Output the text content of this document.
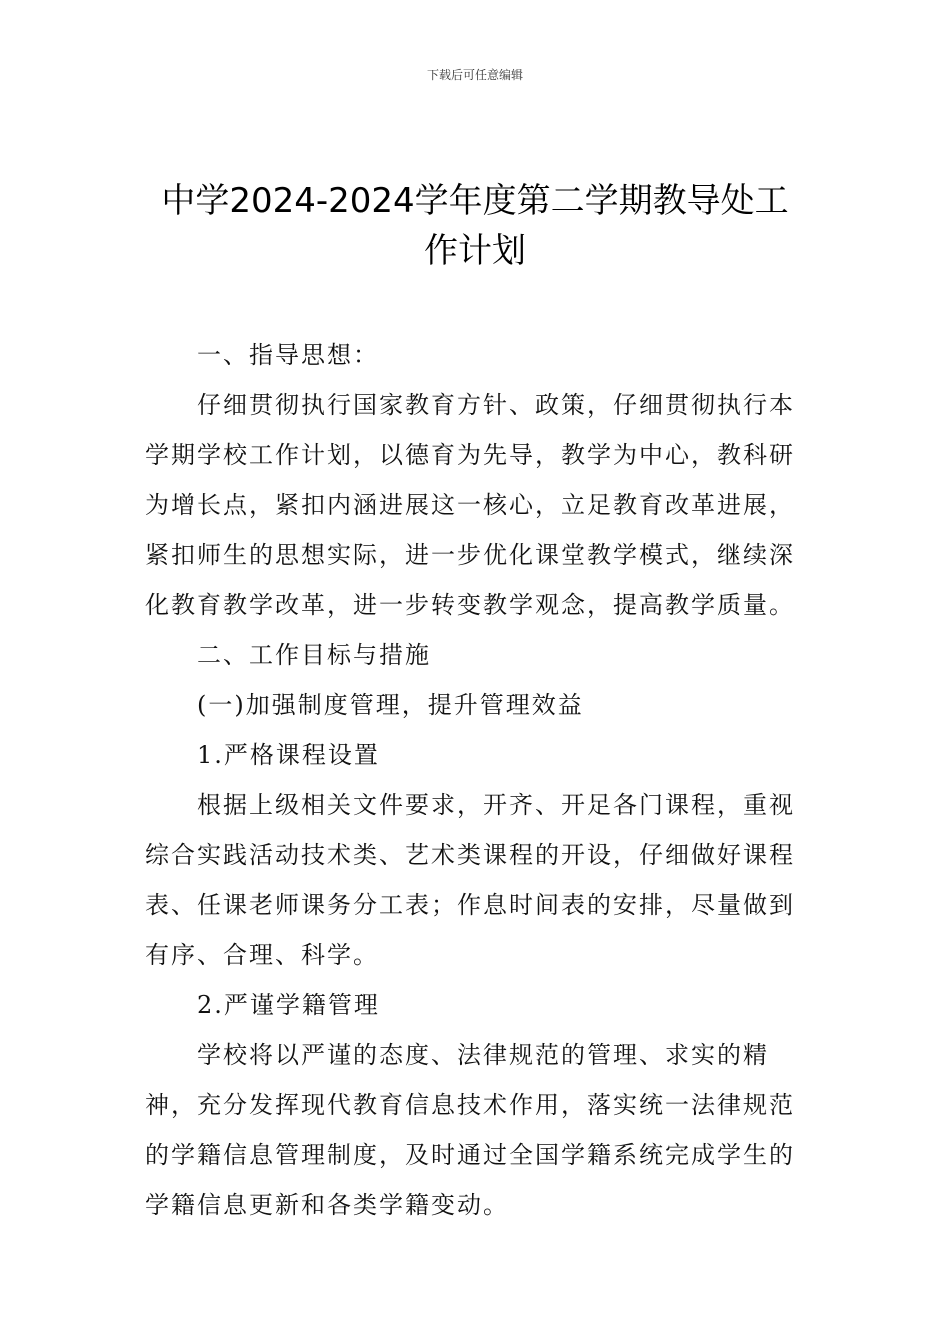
下载后可任意编辑
中学2024-2024学年度第二学期教导处工
作计划

一、指导思想：

仔细贯彻执行国家教育方针、政策，仔细贯彻执行本学期学校工作计划，以德育为先导，教学为中心，教科研为增长点，紧扣内涵进展这一核心，立足教育改革进展，紧扣师生的思想实际，进一步优化课堂教学模式，继续深化教育教学改革，进一步转变教学观念，提高教学质量。

二、工作目标与措施

(一)加强制度管理，提升管理效益

1.严格课程设置

根据上级相关文件要求，开齐、开足各门课程，重视综合实践活动技术类、艺术类课程的开设，仔细做好课程表、任课老师课务分工表；作息时间表的安排，尽量做到有序、合理、科学。

2.严谨学籍管理

学校将以严谨的态度、法律规范的管理、求实的精神，充分发挥现代教育信息技术作用，落实统一法律规范的学籍信息管理制度，及时通过全国学籍系统完成学生的学籍信息更新和各类学籍变动。
